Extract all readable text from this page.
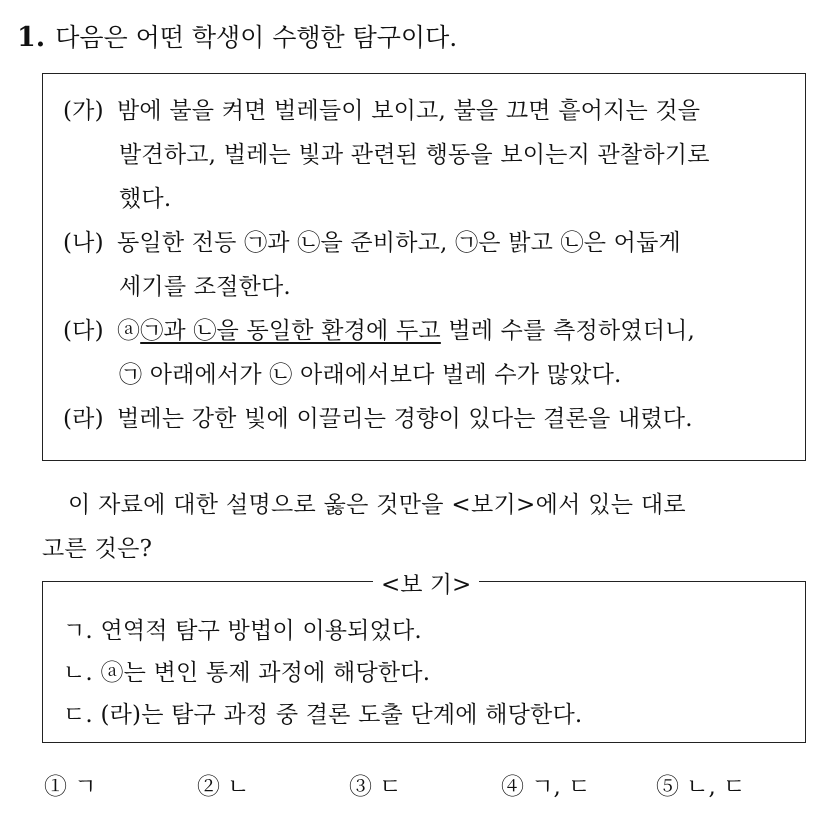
1. 다음은 어떤 학생이 수행한 탐구이다.
(가) 밤에 불을 켜면 벌레들이 보이고, 불을 끄면 흩어지는 것을
발견하고, 벌레는 빛과 관련된 행동을 보이는지 관찰하기로
했다.
(나) 동일한 전등 ㉠과 ㉡을 준비하고, ㉠은 밝고 ㉡은 어둡게
세기를 조절한다.
(다) ⓐ㉠과 ㉡을 동일한 환경에 두고 벌레 수를 측정하였더니,
㉠ 아래에서가 ㉡ 아래에서보다 벌레 수가 많았다.
(라) 벌레는 강한 빛에 이끌리는 경향이 있다는 결론을 내렸다.
이 자료에 대한 설명으로 옳은 것만을 <보기>에서 있는 대로
고른 것은?
<보 기>
ㄱ. 연역적 탐구 방법이 이용되었다.
ㄴ. ⓐ는 변인 통제 과정에 해당한다.
ㄷ. (라)는 탐구 과정 중 결론 도출 단계에 해당한다.
① ㄱ	② ㄴ	③ ㄷ	④ ㄱ, ㄷ	⑤ ㄴ, ㄷ
